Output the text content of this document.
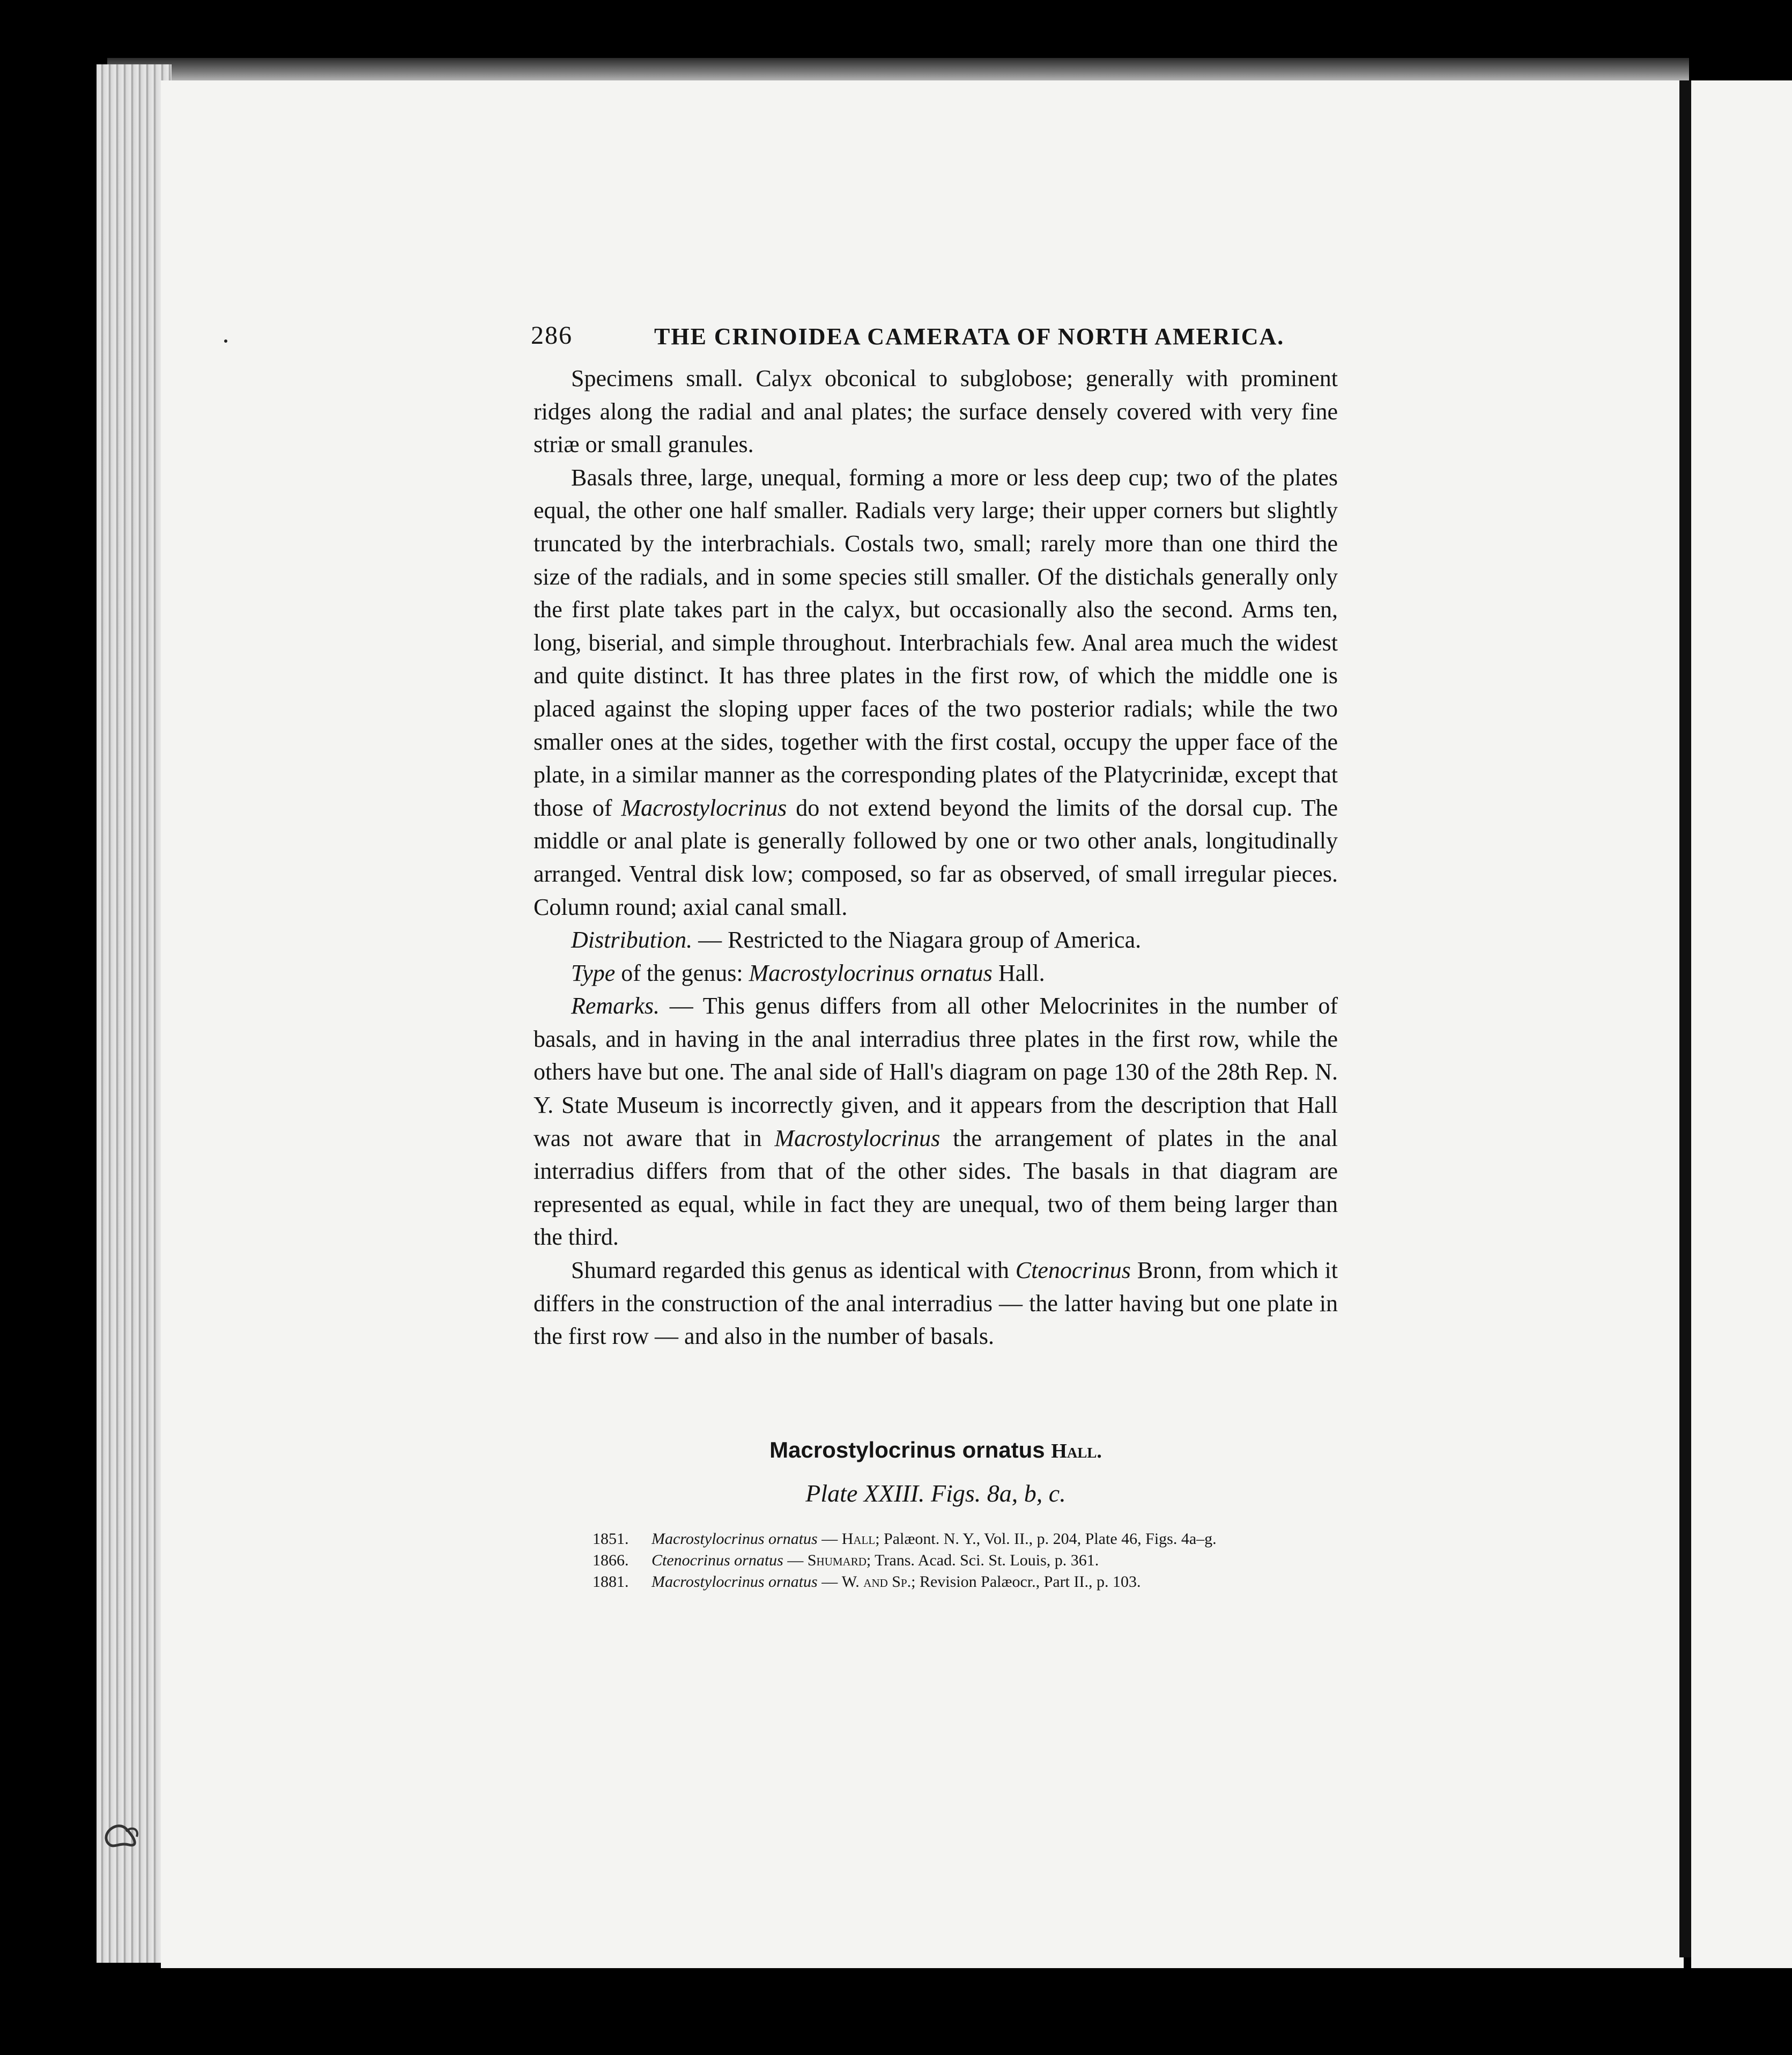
286	THE CRINOIDEA CAMERATA OF NORTH AMERICA.

Specimens small. Calyx obconical to subglobose; generally with prominent ridges along the radial and anal plates; the surface densely covered with very fine striæ or small granules.

Basals three, large, unequal, forming a more or less deep cup; two of the plates equal, the other one half smaller. Radials very large; their upper corners but slightly truncated by the interbrachials. Costals two, small; rarely more than one third the size of the radials, and in some species still smaller. Of the distichals generally only the first plate takes part in the calyx, but occasionally also the second. Arms ten, long, biserial, and simple throughout. Interbrachials few. Anal area much the widest and quite distinct. It has three plates in the first row, of which the middle one is placed against the sloping upper faces of the two posterior radials; while the two smaller ones at the sides, together with the first costal, occupy the upper face of the plate, in a similar manner as the corresponding plates of the Platycrinidæ, except that those of Macrostylocrinus do not extend beyond the limits of the dorsal cup. The middle or anal plate is generally followed by one or two other anals, longitudinally arranged. Ventral disk low; composed, so far as observed, of small irregular pieces. Column round; axial canal small.

Distribution. — Restricted to the Niagara group of America.

Type of the genus: Macrostylocrinus ornatus Hall.

Remarks. — This genus differs from all other Melocrinites in the number of basals, and in having in the anal interradius three plates in the first row, while the others have but one. The anal side of Hall's diagram on page 130 of the 28th Rep. N. Y. State Museum is incorrectly given, and it appears from the description that Hall was not aware that in Macrostylocrinus the arrangement of plates in the anal interradius differs from that of the other sides. The basals in that diagram are represented as equal, while in fact they are unequal, two of them being larger than the third.

Shumard regarded this genus as identical with Ctenocrinus Bronn, from which it differs in the construction of the anal interradius — the latter having but one plate in the first row — and also in the number of basals.

Macrostylocrinus ornatus Hall.
Plate XXIII. Figs. 8a, b, c.
1851. Macrostylocrinus ornatus — Hall; Palæont. N. Y., Vol. II., p. 204, Plate 46, Figs. 4a–g.
1866. Ctenocrinus ornatus — Shumard; Trans. Acad. Sci. St. Louis, p. 361.
1881. Macrostylocrinus ornatus — W. and Sp.; Revision Palæocr., Part II., p. 103.
